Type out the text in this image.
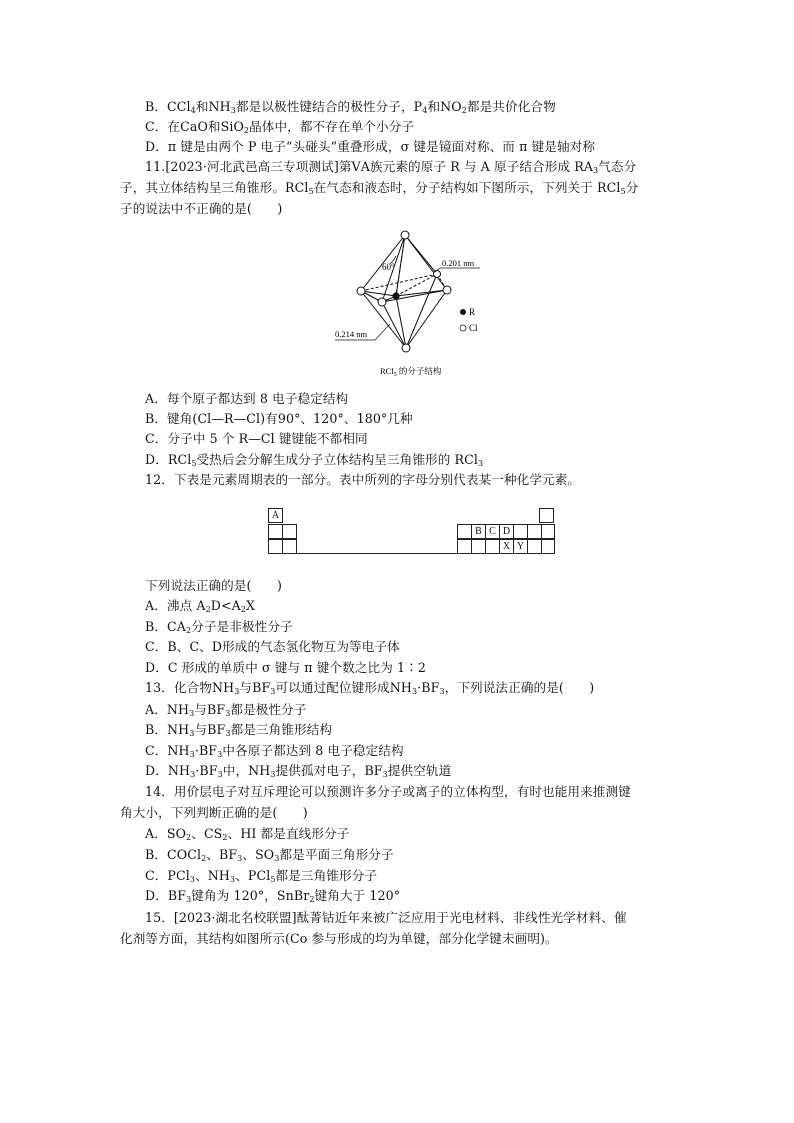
B．CCl$_4$和$NH_3$都是以极性键结合的极性分子，$P_4$和$NO_2$都是共价化合物
C．在CaO和SiO$_2$晶体中，都不存在单个小分子
D．π 键是由两个 P 电子“头碰头”重叠形成，σ 键是镜面对称、而 π 键是轴对称
11.[2023·河北武邑高三专项测试]第ⅤA族元素的原子 R 与 A 原子结合形成 $RA_3$气态分
子，其立体结构呈三角锥形。RCl$_5$在气态和液态时，分子结构如下图所示，下列关于 RCl$_5$分
子的说法中不正确的是(　　)
60°	0.201 nm
0.214 nm
R
Cl
RCl$_5$ 的分子结构
A．每个原子都达到 8 电子稳定结构
B．键角(Cl—R—Cl)有90°、120°、180°几种
C．分子中 5 个 R—Cl 键键能不都相同
D．RCl$_5$受热后会分解生成分子立体结构呈三角锥形的 RCl$_3$
12．下表是元素周期表的一部分。表中所列的字母分别代表某一种化学元素。
A
B C D
X Y
下列说法正确的是(　　)
A．沸点 $A_2D<A_2X$
B．$CA_2$分子是非极性分子
C．B、C、D形成的气态氢化物互为等电子体
D．C 形成的单质中 σ 键与 π 键个数之比为 1∶2
13．化合物$NH_3$与$BF_3$可以通过配位键形成$NH_3\cdot BF_3$，下列说法正确的是(　　)
A．$NH_3$与$BF_3$都是极性分子
B．$NH_3$与$BF_3$都是三角锥形结构
C．$NH_3\cdot BF_3$中各原子都达到 8 电子稳定结构
D．$NH_3\cdot BF_3$中，$NH_3$提供孤对电子，$BF_3$提供空轨道
14．用价层电子对互斥理论可以预测许多分子或离子的立体构型，有时也能用来推测键
角大小，下列判断正确的是(　　)
A．$SO_2$、$CS_2$、HI 都是直线形分子
B．COCl$_2$、$BF_3$、$SO_3$都是平面三角形分子
C．PCl$_3$、$NH_3$、PCl$_5$都是三角锥形分子
D．$BF_3$键角为 120°，SnBr$_2$键角大于 120°
15．[2023·湖北名校联盟]酞菁钴近年来被广泛应用于光电材料、非线性光学材料、催
化剂等方面，其结构如图所示(Co 参与形成的均为单键，部分化学键未画明)。
